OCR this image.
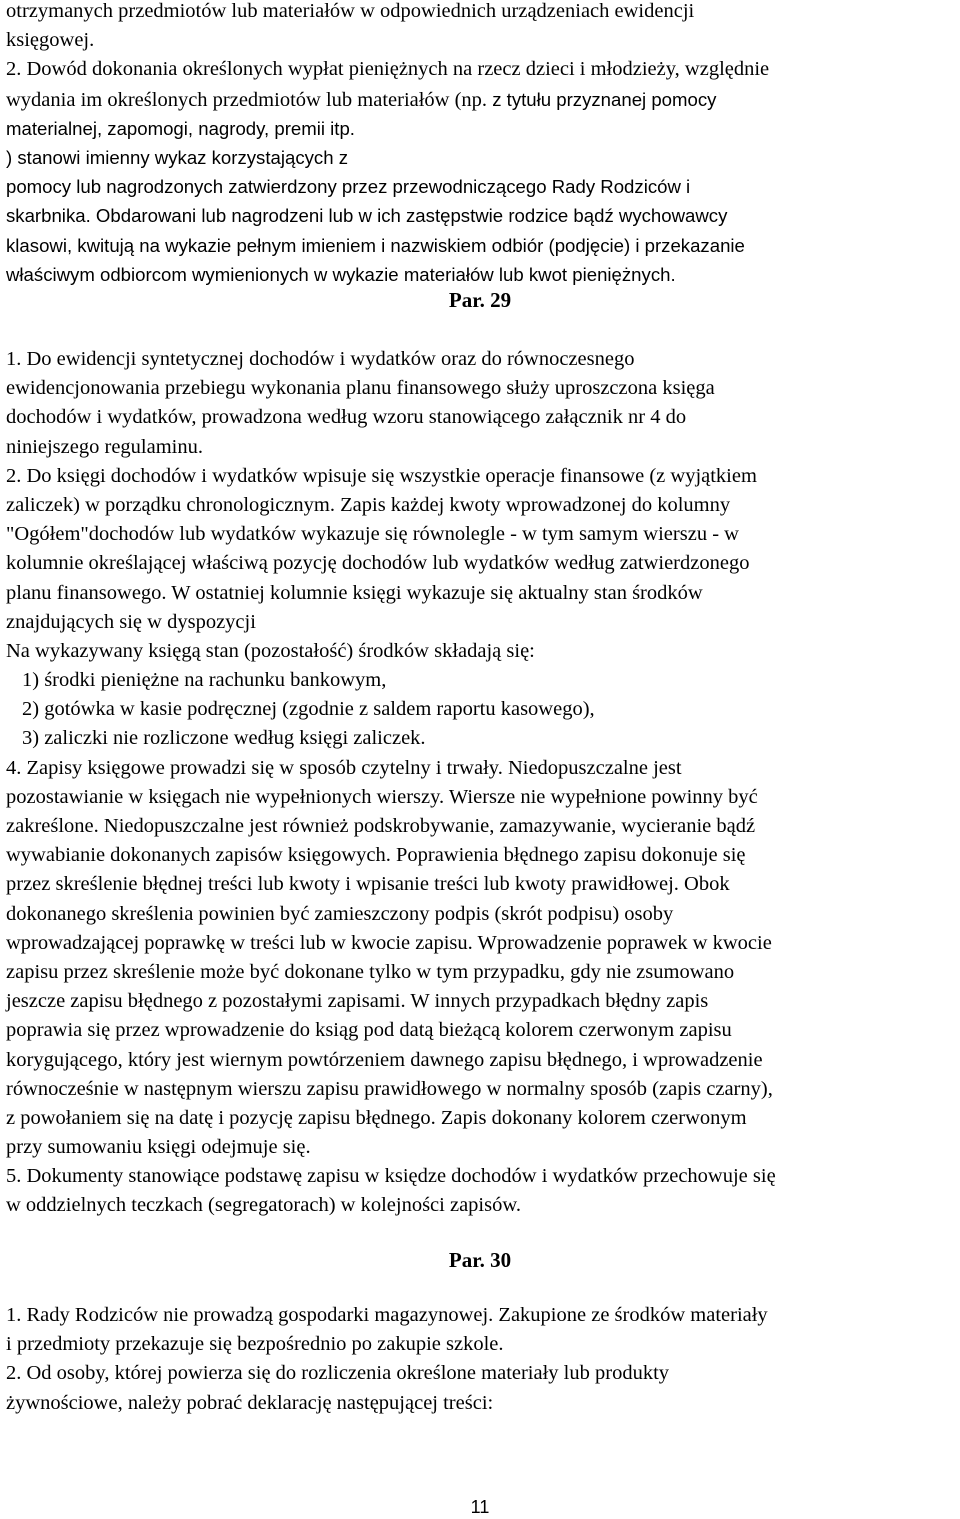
otrzymanych przedmiotów lub materiałów w odpowiednich urządzeniach ewidencji
księgowej.
2. Dowód dokonania określonych wypłat pieniężnych na rzecz dzieci i młodzieży, względnie
wydania im określonych przedmiotów lub materiałów (np. z tytułu przyznanej pomocy
materialnej, zapomogi, nagrody, premii itp.
) stanowi imienny wykaz korzystających z
pomocy lub nagrodzonych zatwierdzony przez przewodniczącego Rady Rodziców i
skarbnika. Obdarowani lub nagrodzeni lub w ich zastępstwie rodzice bądź wychowawcy
klasowi, kwitują na wykazie pełnym imieniem i nazwiskiem odbiór (podjęcie) i przekazanie
właściwym odbiorcom wymienionych w wykazie materiałów lub kwot pieniężnych.
Par. 29
1. Do ewidencji syntetycznej dochodów i wydatków oraz do równoczesnego
ewidencjonowania przebiegu wykonania planu finansowego służy uproszczona księga
dochodów i wydatków, prowadzona według wzoru stanowiącego załącznik nr 4 do
niniejszego regulaminu.
2. Do księgi dochodów i wydatków wpisuje się wszystkie operacje finansowe (z wyjątkiem
zaliczek) w porządku chronologicznym. Zapis każdej kwoty wprowadzonej do kolumny
"Ogółem"dochodów lub wydatków wykazuje się równolegle - w tym samym wierszu - w
kolumnie określającej właściwą pozycję dochodów lub wydatków według zatwierdzonego
planu finansowego. W ostatniej kolumnie księgi wykazuje się aktualny stan środków
znajdujących się w dyspozycji
Na wykazywany księgą stan (pozostałość) środków składają się:
1) środki pieniężne na rachunku bankowym,
2) gotówka w kasie podręcznej (zgodnie z saldem raportu kasowego),
3) zaliczki nie rozliczone według księgi zaliczek.
4. Zapisy księgowe prowadzi się w sposób czytelny i trwały. Niedopuszczalne jest
pozostawianie w księgach nie wypełnionych wierszy. Wiersze nie wypełnione powinny być
zakreślone. Niedopuszczalne jest również podskrobywanie, zamazywanie, wycieranie bądź
wywabianie dokonanych zapisów księgowych. Poprawienia błędnego zapisu dokonuje się
przez skreślenie błędnej treści lub kwoty i wpisanie treści lub kwoty prawidłowej. Obok
dokonanego skreślenia powinien być zamieszczony podpis (skrót podpisu) osoby
wprowadzającej poprawkę w treści lub w kwocie zapisu. Wprowadzenie poprawek w kwocie
zapisu przez skreślenie może być dokonane tylko w tym przypadku, gdy nie zsumowano
jeszcze zapisu błędnego z pozostałymi zapisami. W innych przypadkach błędny zapis
poprawia się przez wprowadzenie do ksiąg pod datą bieżącą kolorem czerwonym zapisu
korygującego, który jest wiernym powtórzeniem dawnego zapisu błędnego, i wprowadzenie
równocześnie w następnym wierszu zapisu prawidłowego w normalny sposób (zapis czarny),
z powołaniem się na datę i pozycję zapisu błędnego. Zapis dokonany kolorem czerwonym
przy sumowaniu księgi odejmuje się.
5. Dokumenty stanowiące podstawę zapisu w księdze dochodów i wydatków przechowuje się
w oddzielnych teczkach (segregatorach) w kolejności zapisów.
Par. 30
1. Rady Rodziców nie prowadzą gospodarki magazynowej. Zakupione ze środków materiały
i przedmioty przekazuje się bezpośrednio po zakupie szkole.
2. Od osoby, której powierza się do rozliczenia określone materiały lub produkty
żywnościowe, należy pobrać deklarację następującej treści:
11
